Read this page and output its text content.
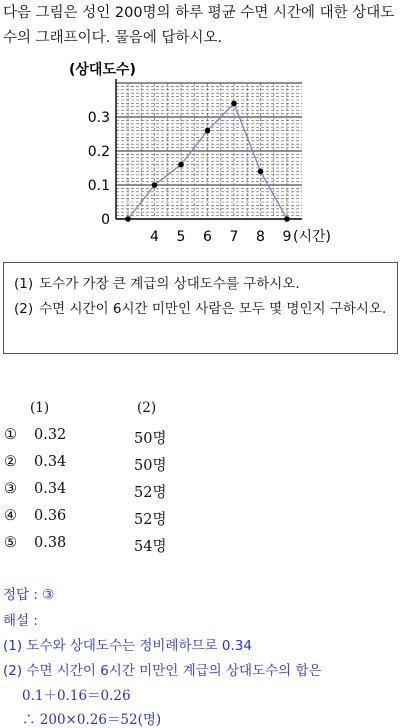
다음 그림은 성인 200명의 하루 평균 수면 시간에 대한 상대도수의 그래프이다. 물음에 답하시오.
(상대도수)
0
0.1
0.2
0.3
4 5 6 7 8 9 (시간)
(1) 도수가 가장 큰 계급의 상대도수를 구하시오.
(2) 수면 시간이 6시간 미만인 사람은 모두 몇 명인지 구하시오.
(1)	(2)
① 0.32	50명
② 0.34	50명
③ 0.34	52명
④ 0.36	52명
⑤ 0.38	54명
정답 : ③
해설 :
(1) 도수와 상대도수는 정비례하므로 0.34
(2) 수면 시간이 6시간 미만인 계급의 상대도수의 합은
0.1＋0.16＝0.26
∴ 200×0.26＝52(명)
